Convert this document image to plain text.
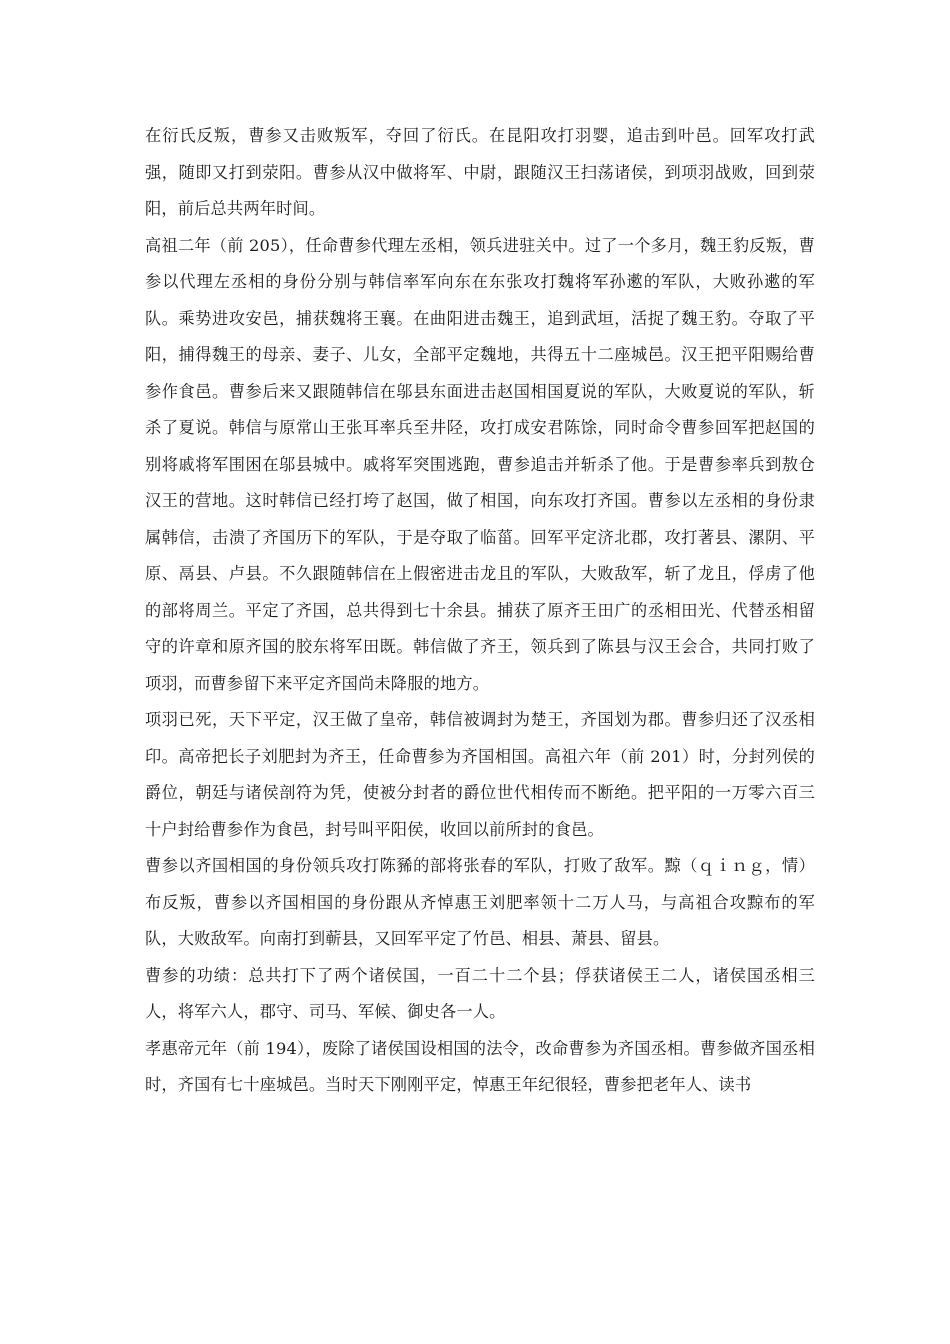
在衍氏反叛，曹参又击败叛军，夺回了衍氏。在昆阳攻打羽婴，追击到叶邑。回军攻打武强，随即又打到荥阳。曹参从汉中做将军、中尉，跟随汉王扫荡诸侯，到项羽战败，回到荥阳，前后总共两年时间。

高祖二年（前 205），任命曹参代理左丞相，领兵进驻关中。过了一个多月，魏王豹反叛，曹参以代理左丞相的身份分别与韩信率军向东在东张攻打魏将军孙遬的军队，大败孙遬的军队。乘势进攻安邑，捕获魏将王襄。在曲阳进击魏王，追到武垣，活捉了魏王豹。夺取了平阳，捕得魏王的母亲、妻子、儿女，全部平定魏地，共得五十二座城邑。汉王把平阳赐给曹参作食邑。曹参后来又跟随韩信在邬县东面进击赵国相国夏说的军队，大败夏说的军队，斩杀了夏说。韩信与原常山王张耳率兵至井陉，攻打成安君陈馀，同时命令曹参回军把赵国的别将戚将军围困在邬县城中。戚将军突围逃跑，曹参追击并斩杀了他。于是曹参率兵到敖仓汉王的营地。这时韩信已经打垮了赵国，做了相国，向东攻打齐国。曹参以左丞相的身份隶属韩信，击溃了齐国历下的军队，于是夺取了临菑。回军平定济北郡，攻打著县、漯阴、平原、鬲县、卢县。不久跟随韩信在上假密进击龙且的军队，大败敌军，斩了龙且，俘虏了他的部将周兰。平定了齐国，总共得到七十余县。捕获了原齐王田广的丞相田光、代替丞相留守的许章和原齐国的胶东将军田既。韩信做了齐王，领兵到了陈县与汉王会合，共同打败了项羽，而曹参留下来平定齐国尚未降服的地方。

项羽已死，天下平定，汉王做了皇帝，韩信被调封为楚王，齐国划为郡。曹参归还了汉丞相印。高帝把长子刘肥封为齐王，任命曹参为齐国相国。高祖六年（前 201）时，分封列侯的爵位，朝廷与诸侯剖符为凭，使被分封者的爵位世代相传而不断绝。把平阳的一万零六百三十户封给曹参作为食邑，封号叫平阳侯，收回以前所封的食邑。

曹参以齐国相国的身份领兵攻打陈豨的部将张春的军队，打败了敌军。黥（ｑｉｎｇ，情）布反叛，曹参以齐国相国的身份跟从齐悼惠王刘肥率领十二万人马，与高祖合攻黥布的军队，大败敌军。向南打到蕲县，又回军平定了竹邑、相县、萧县、留县。

曹参的功绩：总共打下了两个诸侯国，一百二十二个县；俘获诸侯王二人，诸侯国丞相三人，将军六人，郡守、司马、军候、御史各一人。

孝惠帝元年（前 194），废除了诸侯国设相国的法令，改命曹参为齐国丞相。曹参做齐国丞相时，齐国有七十座城邑。当时天下刚刚平定，悼惠王年纪很轻，曹参把老年人、读书
